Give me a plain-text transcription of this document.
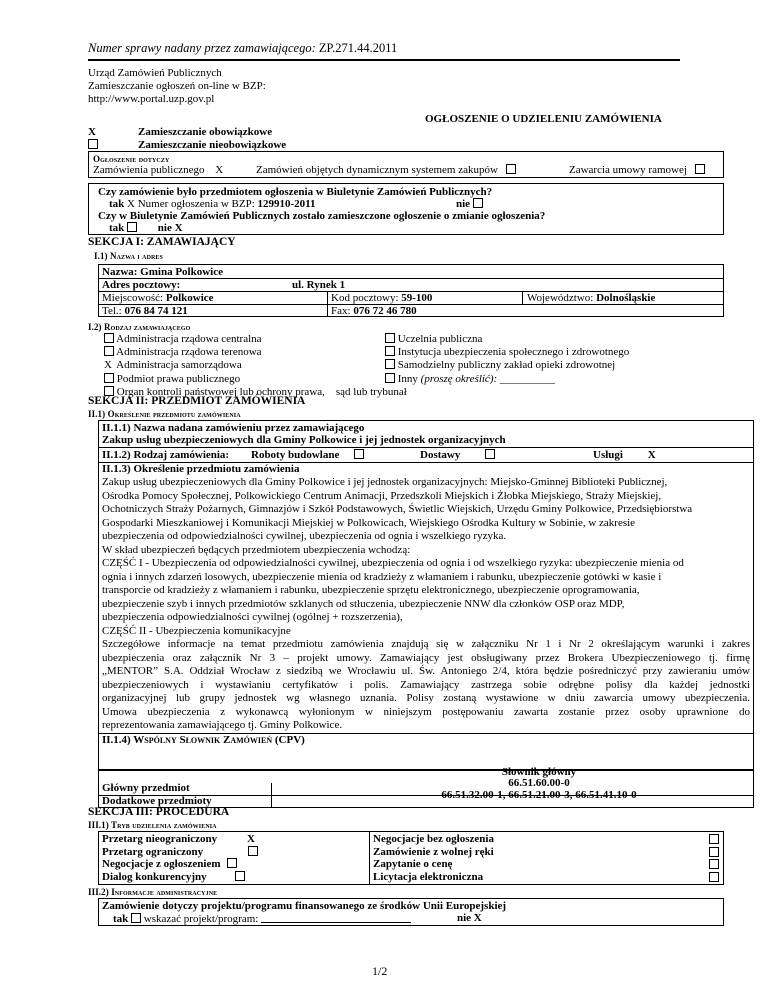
Numer sprawy nadany przez zamawiającego: ZP.271.44.2011
Urząd Zamówień Publicznych
Zamieszczanie ogłoszeń on-line w BZP:
http://www.portal.uzp.gov.pl
OGŁOSZENIE O UDZIELENIU ZAMÓWIENIA
X	Zamieszczanie obowiązkowe
Zamieszczanie nieobowiązkowe
Ogłoszenie dotyczy
Zamówienia publicznego X	Zamówień objętych dynamicznym systemem zakupów	Zawarcia umowy ramowej
Czy zamówienie było przedmiotem ogłoszenia w Biuletynie Zamówień Publicznych?
tak X Numer ogłoszenia w BZP: 129910-2011	nie
Czy w Biuletynie Zamówień Publicznych zostało zamieszczone ogłoszenie o zmianie ogłoszenia?
tak	nie X
SEKCJA I: ZAMAWIAJĄCY
I.1) Nazwa i adres
Nazwa: Gmina Polkowice
Adres pocztowy:	ul. Rynek 1
Miejscowość: Polkowice	Kod pocztowy: 59-100	Województwo: Dolnośląskie
Tel.: 076 84 74 121	Fax: 076 72 46 780
I.2) Rodzaj zamawiającego
Administracja rządowa centralna
Administracja rządowa terenowa
X Administracja samorządowa
Podmiot prawa publicznego
Organ kontroli państwowej lub ochrony prawa, sąd lub trybunał
Uczelnia publiczna
Instytucja ubezpieczenia społecznego i zdrowotnego
Samodzielny publiczny zakład opieki zdrowotnej
Inny (proszę określić): __________
SEKCJA II: PRZEDMIOT ZAMÓWIENIA
II.1) Określenie przedmiotu zamówienia
II.1.1) Nazwa nadana zamówieniu przez zamawiającego
Zakup usług ubezpieczeniowych dla Gminy Polkowice i jej jednostek organizacyjnych
II.1.2) Rodzaj zamówienia: Roboty budowlane	Dostawy	Usługi X
II.1.3) Określenie przedmiotu zamówienia
Zakup usług ubezpieczeniowych dla Gminy Polkowice i jej jednostek organizacyjnych: Miejsko-Gminnej Biblioteki Publicznej,
Ośrodka Pomocy Społecznej, Polkowickiego Centrum Animacji, Przedszkoli Miejskich i Żłobka Miejskiego, Straży Miejskiej,
Ochotniczych Straży Pożarnych, Gimnazjów i Szkół Podstawowych, Świetlic Wiejskich, Urzędu Gminy Polkowice, Przedsiębiorstwa
Gospodarki Mieszkaniowej i Komunikacji Miejskiej w Polkowicach, Wiejskiego Ośrodka Kultury w Sobinie, w zakresie
ubezpieczenia od odpowiedzialności cywilnej, ubezpieczenia od ognia i wszelkiego ryzyka.
W skład ubezpieczeń będących przedmiotem ubezpieczenia wchodzą:
CZĘŚĆ I - Ubezpieczenia od odpowiedzialności cywilnej, ubezpieczenia od ognia i od wszelkiego ryzyka: ubezpieczenie mienia od
ognia i innych zdarzeń losowych, ubezpieczenie mienia od kradzieży z włamaniem i rabunku, ubezpieczenie gotówki w kasie i
transporcie od kradzieży z włamaniem i rabunku, ubezpieczenie sprzętu elektronicznego, ubezpieczenie oprogramowania,
ubezpieczenie szyb i innych przedmiotów szklanych od stłuczenia, ubezpieczenie NNW dla członków OSP oraz MDP,
ubezpieczenia odpowiedzialności cywilnej (ogólnej + rozszerzenia),
CZĘŚĆ II - Ubezpieczenia komunikacyjne
Szczegółowe informacje na temat przedmiotu zamówienia znajdują się w załączniku Nr 1 i Nr 2 określającym warunki i zakres
ubezpieczenia oraz załącznik Nr 3 – projekt umowy. Zamawiający jest obsługiwany przez Brokera Ubezpieczeniowego tj. firmę
„MENTOR” S.A. Oddział Wrocław z siedzibą we Wrocławiu ul. Św. Antoniego 2/4, która będzie pośredniczyć przy zawieraniu umów
ubezpieczeniowych i wystawianiu certyfikatów i polis. Zamawiający zastrzega sobie odrębne polisy dla każdej jednostki
organizacyjnej lub grupy jednostek wg własnego uznania. Polisy zostaną wystawione w dniu zawarcia umowy ubezpieczenia.
Umowa ubezpieczenia z wykonawcą wyłonionym w niniejszym postępowaniu zawarta zostanie przez osoby uprawnione do
reprezentowania zamawiającego tj. Gminy Polkowice.
II.1.4) Wspólny Słownik Zamówień (CPV)
Słownik główny
Główny przedmiot	66.51.60.00-0
Dodatkowe przedmioty	66.51.32.00-1, 66.51.21.00-3, 66.51.41.10-0
SEKCJA III: PROCEDURA
III.1) Tryb udzielenia zamówienia
Przetarg nieograniczony	X
Przetarg ograniczony
Negocjacje z ogłoszeniem
Dialog konkurencyjny
Negocjacje bez ogłoszenia
Zamówienie z wolnej ręki
Zapytanie o cenę
Licytacja elektroniczna
III.2) Informacje administracyjne
Zamówienie dotyczy projektu/programu finansowanego ze środków Unii Europejskiej
tak wskazać projekt/program:	nie X
1/2
